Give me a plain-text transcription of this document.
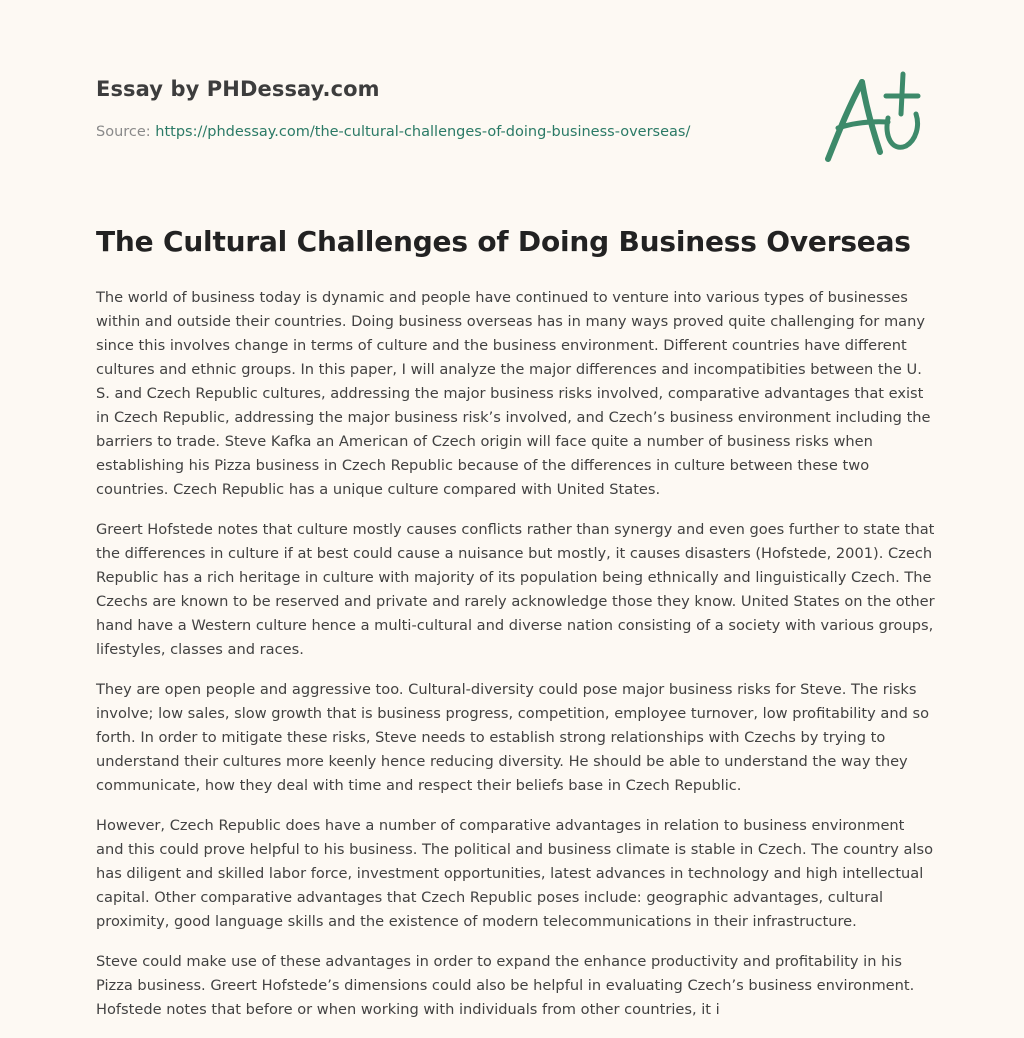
Essay by PHDessay.com
Source: https://phdessay.com/the-cultural-challenges-of-doing-business-overseas/
The Cultural Challenges of Doing Business Overseas

The world of business today is dynamic and people have continued to venture into various types of businesses within and outside their countries. Doing business overseas has in many ways proved quite challenging for many since this involves change in terms of culture and the business environment. Different countries have different cultures and ethnic groups. In this paper, I will analyze the major differences and incompatibities between the U. S. and Czech Republic cultures, addressing the major business risks involved, comparative advantages that exist in Czech Republic, addressing the major business risk’s involved, and Czech’s business environment including the barriers to trade. Steve Kafka an American of Czech origin will face quite a number of business risks when establishing his Pizza business in Czech Republic because of the differences in culture between these two countries. Czech Republic has a unique culture compared with United States.

Greert Hofstede notes that culture mostly causes conflicts rather than synergy and even goes further to state that the differences in culture if at best could cause a nuisance but mostly, it causes disasters (Hofstede, 2001). Czech Republic has a rich heritage in culture with majority of its population being ethnically and linguistically Czech. The Czechs are known to be reserved and private and rarely acknowledge those they know. United States on the other hand have a Western culture hence a multi-cultural and diverse nation consisting of a society with various groups, lifestyles, classes and races.

They are open people and aggressive too. Cultural-diversity could pose major business risks for Steve. The risks involve; low sales, slow growth that is business progress, competition, employee turnover, low profitability and so forth. In order to mitigate these risks, Steve needs to establish strong relationships with Czechs by trying to understand their cultures more keenly hence reducing diversity. He should be able to understand the way they communicate, how they deal with time and respect their beliefs base in Czech Republic.

However, Czech Republic does have a number of comparative advantages in relation to business environment and this could prove helpful to his business. The political and business climate is stable in Czech. The country also has diligent and skilled labor force, investment opportunities, latest advances in technology and high intellectual capital. Other comparative advantages that Czech Republic poses include: geographic advantages, cultural proximity, good language skills and the existence of modern telecommunications in their infrastructure.

Steve could make use of these advantages in order to expand the enhance productivity and profitability in his Pizza business. Greert Hofstede’s dimensions could also be helpful in evaluating Czech’s business environment. Hofstede notes that before or when working with individuals from other countries, it i
